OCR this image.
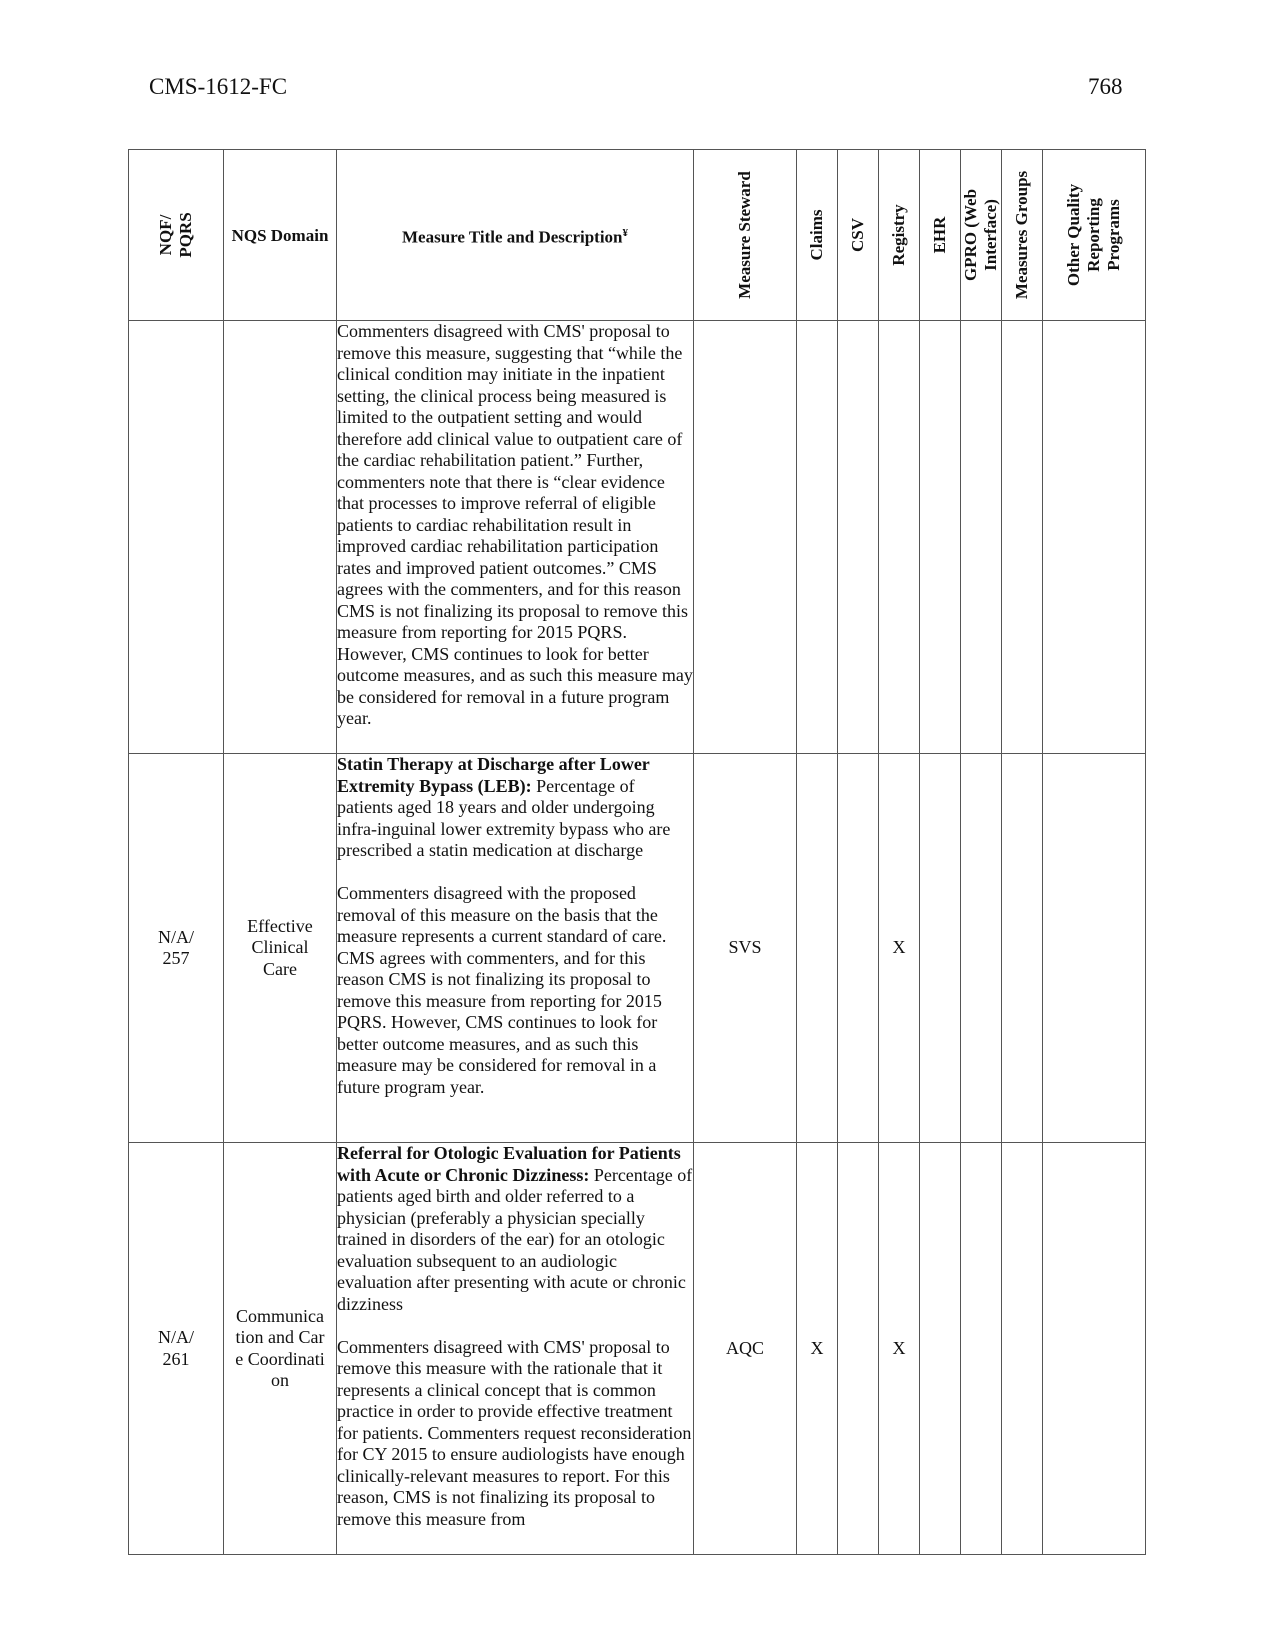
CMS-1612-FC	768
NQF/ PQRS	NQS Domain	Measure Title and Description¥	Measure Steward	Claims	CSV	Registry	EHR	GPRO (Web Interface)	Measures Groups	Other Quality Reporting Programs

		Commenters disagreed with CMS' proposal to remove this measure, suggesting that “while the clinical condition may initiate in the inpatient setting, the clinical process being measured is limited to the outpatient setting and would therefore add clinical value to outpatient care of the cardiac rehabilitation patient.” Further, commenters note that there is “clear evidence that processes to improve referral of eligible patients to cardiac rehabilitation result in improved cardiac rehabilitation participation rates and improved patient outcomes.” CMS agrees with the commenters, and for this reason CMS is not finalizing its proposal to remove this measure from reporting for 2015 PQRS. However, CMS continues to look for better outcome measures, and as such this measure may be considered for removal in a future program year.								

N/A/ 257	Effective Clinical Care	Statin Therapy at Discharge after Lower Extremity Bypass (LEB): Percentage of patients aged 18 years and older undergoing infra-inguinal lower extremity bypass who are prescribed a statin medication at discharge
Commenters disagreed with the proposed removal of this measure on the basis that the measure represents a current standard of care. CMS agrees with commenters, and for this reason CMS is not finalizing its proposal to remove this measure from reporting for 2015 PQRS. However, CMS continues to look for better outcome measures, and as such this measure may be considered for removal in a future program year.	SVS			X				

N/A/ 261	Communication and Care Coordination	Referral for Otologic Evaluation for Patients with Acute or Chronic Dizziness: Percentage of patients aged birth and older referred to a physician (preferably a physician specially trained in disorders of the ear) for an otologic evaluation subsequent to an audiologic evaluation after presenting with acute or chronic dizziness
Commenters disagreed with CMS' proposal to remove this measure with the rationale that it represents a clinical concept that is common practice in order to provide effective treatment for patients. Commenters request reconsideration for CY 2015 to ensure audiologists have enough clinically-relevant measures to report. For this reason, CMS is not finalizing its proposal to remove this measure from	AQC	X		X				
